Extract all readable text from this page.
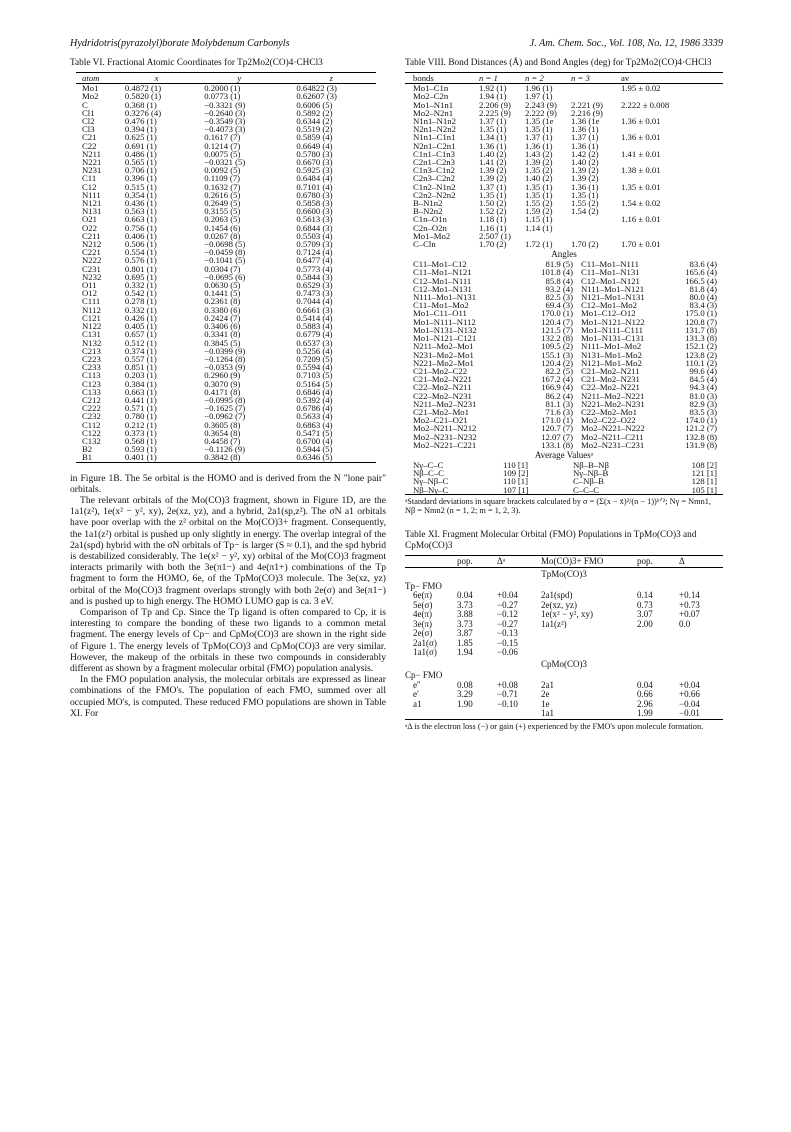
Hydridotris(pyrazolyl)borate Molybdenum Carbonyls	J. Am. Chem. Soc., Vol. 108, No. 12, 1986 3339
Table VI. Fractional Atomic Coordinates for Tp2Mo2(CO)4·CHCl3
atom	x	y	z
Mo1	0.4872 (1)	0.2000 (1)	0.64822 (3)
Mo2	0.5820 (1)	0.0773 (1)	0.62607 (3)
C	0.368 (1)	−0.3321 (9)	0.6006 (5)
Cl1	0.3276 (4)	−0.2640 (3)	0.5892 (2)
Cl2	0.476 (1)	−0.3549 (3)	0.6344 (2)
Cl3	0.394 (1)	−0.4073 (3)	0.5519 (2)
C21	0.625 (1)	0.1617 (7)	0.5859 (4)
C22	0.691 (1)	0.1214 (7)	0.6649 (4)
N211	0.486 (1)	0.0075 (5)	0.5780 (3)
N221	0.565 (1)	−0.0321 (5)	0.6670 (3)
N231	0.706 (1)	0.0092 (5)	0.5925 (3)
C11	0.396 (1)	0.1109 (7)	0.6484 (4)
C12	0.515 (1)	0.1632 (7)	0.7101 (4)
N111	0.354 (1)	0.2616 (5)	0.6780 (3)
N121	0.436 (1)	0.2649 (5)	0.5858 (3)
N131	0.563 (1)	0.3155 (5)	0.6600 (3)
O21	0.663 (1)	0.2063 (5)	0.5613 (3)
O22	0.756 (1)	0.1454 (6)	0.6844 (3)
C211	0.406 (1)	0.0267 (8)	0.5503 (4)
N212	0.506 (1)	−0.0698 (5)	0.5709 (3)
C221	0.554 (1)	−0.0459 (8)	0.7124 (4)
N222	0.576 (1)	−0.1041 (5)	0.6477 (4)
C231	0.801 (1)	0.0304 (7)	0.5773 (4)
N232	0.695 (1)	−0.0695 (6)	0.5844 (3)
O11	0.332 (1)	0.0630 (5)	0.6529 (3)
O12	0.542 (1)	0.1441 (5)	0.7473 (3)
C111	0.278 (1)	0.2361 (8)	0.7044 (4)
N112	0.332 (1)	0.3380 (6)	0.6661 (3)
C121	0.426 (1)	0.2424 (7)	0.5414 (4)
N122	0.405 (1)	0.3406 (6)	0.5883 (4)
C131	0.657 (1)	0.3341 (8)	0.6779 (4)
N132	0.512 (1)	0.3845 (5)	0.6537 (3)
C213	0.374 (1)	−0.0399 (9)	0.5256 (4)
C223	0.557 (1)	−0.1264 (8)	0.7209 (5)
C233	0.851 (1)	−0.0353 (9)	0.5594 (4)
C113	0.203 (1)	0.2960 (9)	0.7103 (5)
C123	0.384 (1)	0.3070 (9)	0.5164 (5)
C133	0.663 (1)	0.4171 (8)	0.6846 (4)
C212	0.441 (1)	−0.0995 (8)	0.5392 (4)
C222	0.571 (1)	−0.1625 (7)	0.6786 (4)
C232	0.780 (1)	−0.0962 (7)	0.5633 (4)
C112	0.212 (1)	0.3605 (8)	0.6863 (4)
C122	0.373 (1)	0.3654 (8)	0.5471 (5)
C132	0.568 (1)	0.4458 (7)	0.6700 (4)
B2	0.593 (1)	−0.1126 (9)	0.5944 (5)
B1	0.401 (1)	0.3842 (8)	0.6346 (5)

in Figure 1B. The 5e orbital is the HOMO and is derived from the N "lone pair" orbitals.

The relevant orbitals of the Mo(CO)3 fragment, shown in Figure 1D, are the 1a1(z²), 1e(x² − y², xy), 2e(xz, yz), and a hybrid, 2a1(sp,z²). The σN a1 orbitals have poor overlap with the z² orbital on the Mo(CO)3+ fragment. Consequently, the 1a1(z²) orbital is pushed up only slightly in energy. The overlap integral of the 2a1(spd) hybrid with the σN orbitals of Tp− is larger (S ≈ 0.1), and the spd hybrid is destabilized considerably. The 1e(x² − y², xy) orbital of the Mo(CO)3 fragment interacts primarily with both the 3e(π1−) and 4e(π1+) combinations of the Tp fragment to form the HOMO, 6e, of the TpMo(CO)3 molecule. The 3e(xz, yz) orbital of the Mo(CO)3 fragment overlaps strongly with both 2e(σ) and 3e(π1−) and is pushed up to high energy. The HOMO LUMO gap is ca. 3 eV.

Comparison of Tp and Cp. Since the Tp ligand is often compared to Cp, it is interesting to compare the bonding of these two ligands to a common metal fragment. The energy levels of Cp− and CpMo(CO)3 are shown in the right side of Figure 1. The energy levels of TpMo(CO)3 and CpMo(CO)3 are very similar. However, the makeup of the orbitals in these two compounds in considerably different as shown by a fragment molecular orbital (FMO) population analysis.

In the FMO population analysis, the molecular orbitals are expressed as linear combinations of the FMO's. The population of each FMO, summed over all occupied MO's, is computed. These reduced FMO populations are shown in Table XI. For

Table VIII. Bond Distances (Å) and Bond Angles (deg) for Tp2Mo2(CO)4·CHCl3
bonds	n = 1	n = 2	n = 3	av
Mo1–C1n	1.92 (1)	1.96 (1)		1.95 ± 0.02
Mo2–C2n	1.94 (1)	1.97 (1)		
Mo1–N1n1	2.206 (9)	2.243 (9)	2.221 (9)	2.222 ± 0.008
Mo2–N2n1	2.225 (9)	2.222 (9)	2.216 (9)	
N1n1–N1n2	1.37 (1)	1.35 (1e	1.36 (1e	1.36 ± 0.01
N2n1–N2n2	1.35 (1)	1.35 (1)	1.36 (1)	
N1n1–C1n1	1.34 (1)	1.37 (1)	1.37 (1)	1.36 ± 0.01
N2n1–C2n1	1.36 (1)	1.36 (1)	1.36 (1)	
C1n1–C1n3	1.40 (2)	1.43 (2)	1.42 (2)	1.41 ± 0.01
C2n1–C2n3	1.41 (2)	1.39 (2)	1.40 (2)	
C1n3–C1n2	1.39 (2)	1.35 (2)	1.39 (2)	1.38 ± 0.01
C2n3–C2n2	1.39 (2)	1.40 (2)	1.39 (2)	
C1n2–N1n2	1.37 (1)	1.35 (1)	1.36 (1)	1.35 ± 0.01
C2n2–N2n2	1.35 (1)	1.35 (1)	1.35 (1)	
B–N1n2	1.50 (2)	1.55 (2)	1.55 (2)	1.54 ± 0.02
B–N2n2	1.52 (2)	1.59 (2)	1.54 (2)	
C1n–O1n	1.18 (1)	1.15 (1)		1.16 ± 0.01
C2n–O2n	1.16 (1)	1.14 (1)		
Mo1–Mo2	2.507 (1)			
C–Cln	1.70 (2)	1.72 (1)	1.70 (2)	1.70 ± 0.01
Angles
C11–Mo1–C12	81.9 (5)	C11–Mo1–N111	83.6 (4)
C11–Mo1–N121	101.8 (4)	C11–Mo1–N131	165.6 (4)
C12–Mo1–N111	85.8 (4)	C12–Mo1–N121	166.5 (4)
C12–Mo1–N131	93.2 (4)	N111–Mo1–N121	81.8 (4)
N111–Mo1–N131	82.5 (3)	N121–Mo1–N131	80.0 (4)
C11–Mo1–Mo2	69.4 (3)	C12–Mo1–Mo2	83.4 (3)
Mo1–C11–O11	170.0 (1)	Mo1–C12–O12	175.0 (1)
Mo1–N111–N112	120.4 (7)	Mo1–N121–N122	120.8 (7)
Mo1–N131–N132	121.5 (7)	Mo1–N111–C111	131.7 (8)
Mo1–N121–C121	132.2 (8)	Mo1–N131–C131	131.3 (8)
N211–Mo2–Mo1	109.5 (2)	N111–Mo1–Mo2	152.1 (2)
N231–Mo2–Mo1	155.1 (3)	N131–Mo1–Mo2	123.8 (2)
N221–Mo2–Mo1	120.4 (2)	N121–Mo1–Mo2	110.1 (2)
C21–Mo2–C22	82.2 (5)	C21–Mo2–N211	99.6 (4)
C21–Mo2–N221	167.2 (4)	C21–Mo2–N231	84.5 (4)
C22–Mo2–N211	166.9 (4)	C22–Mo2–N221	94.3 (4)
C22–Mo2–N231	86.2 (4)	N211–Mo2–N221	81.0 (3)
N211–Mo2–N231	81.1 (3)	N221–Mo2–N231	82.9 (3)
C21–Mo2–Mo1	71.6 (3)	C22–Mo2–Mo1	83.5 (3)
Mo2–C21–O21	171.0 (1)	Mo2–C22–O22	174.0 (1)
Mo2–N211–N212	120.7 (7)	Mo2–N221–N222	121.2 (7)
Mo2–N231–N232	12.07 (7)	Mo2–N211–C211	132.8 (8)
Mo2–N221–C221	133.1 (8)	Mo2–N231–C231	131.9 (8)
Average Valuesᵃ
Nγ–C–C	110 [1]	Nβ–B–Nβ	108 [2]
Nβ–C–C	109 [2]	Nγ–Nβ–B	121 [1]
Nγ–Nβ–C	110 [1]	C–Nβ–B	128 [1]
Nβ–Nγ–C	107 [1]	C–C–C	105 [1]
ᵃStandard deviations in square brackets calculated by σ = (Σ(x − x̄)²/(n − 1))¹ᐟ²; Nγ = Nmn1, Nβ = Nmn2 (n = 1, 2; m = 1, 2, 3).
Table XI. Fragment Molecular Orbital (FMO) Populations in TpMo(CO)3 and CpMo(CO)3
	pop.	Δᵃ	Mo(CO)3+ FMO	pop.	Δ
TpMo(CO)3					
Tp− FMO					
6e(π)	0.04	+0.04	2a1(spd)	0.14	+0.14
5e(σ)	3.73	−0.27	2e(xz, yz)	0.73	+0.73
4e(π)	3.88	−0.12	1e(x² − y², xy)	3.07	+0.07
3e(π)	3.73	−0.27	1a1(z²)	2.00	0.0
2e(σ)	3.87	−0.13			
2a1(σ)	1.85	−0.15			
1a1(σ)	1.94	−0.06			
CpMo(CO)3					
Cp− FMO					
e″	0.08	+0.08	2a1	0.04	+0.04
e′	3.29	−0.71	2e	0.66	+0.66
a1	1.90	−0.10	1e	2.96	−0.04
			1a1	1.99	−0.01
ᵃΔ is the electron loss (−) or gain (+) experienced by the FMO's upon molecule formation.
